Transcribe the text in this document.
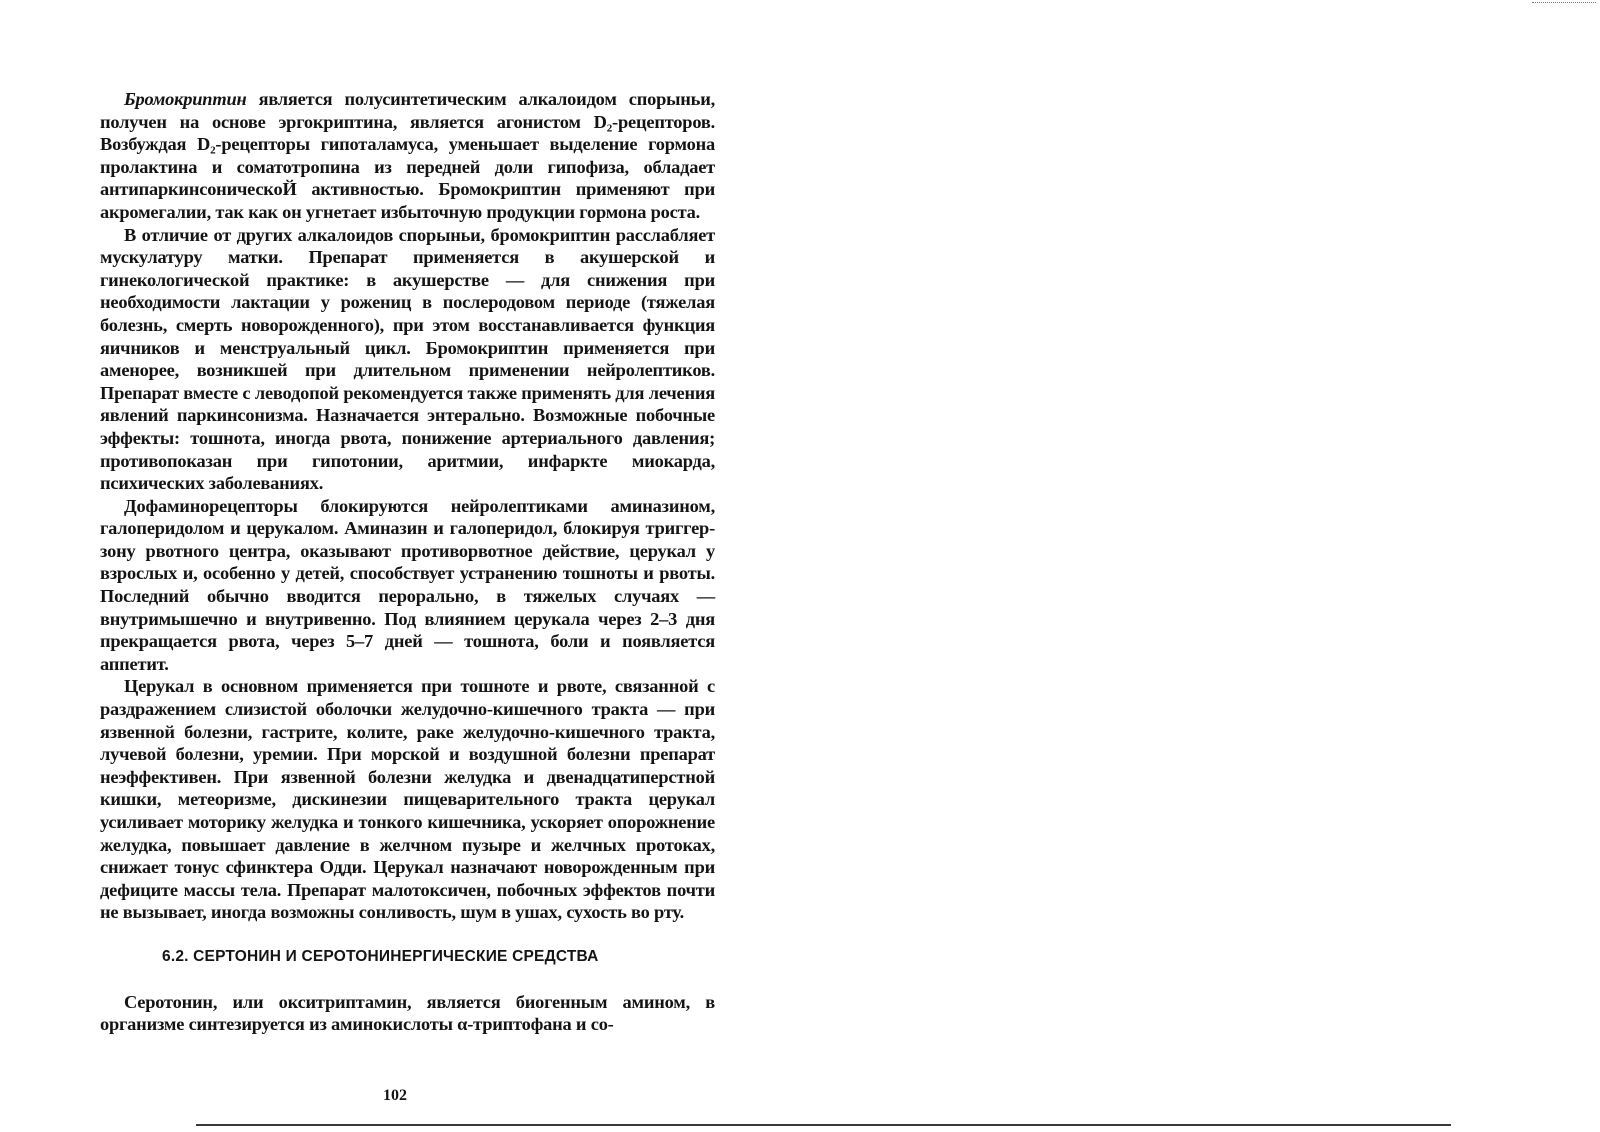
Бромокриптин является полусинтетическим алкалоидом спорыньи, получен на основе эргокриптина, является агонистом D₂-рецепторов. Возбуждая D₂-рецепторы гипоталамуса, уменьшает выделение гормона пролактина и соматотропина из передней доли гипофиза, обладает антипаркинсоническоЙ активностью. Бромокриптин применяют при акромегалии, так как он угнетает избыточную продукции гормона роста.

В отличие от других алкалоидов спорыньи, бромокриптин расслабляет мускулатуру матки. Препарат применяется в акушерской и гинекологической практике: в акушерстве — для снижения при необходимости лактации у рожениц в послеродовом периоде (тяжелая болезнь, смерть новорожденного), при этом восстанавливается функция яичников и менструальный цикл. Бромокриптин применяется при аменорее, возникшей при длительном применении нейролептиков. Препарат вместе с леводопой рекомендуется также применять для лечения явлений паркинсонизма. Назначается энтерально. Возможные побочные эффекты: тошнота, иногда рвота, понижение артериального давления; противопоказан при гипотонии, аритмии, инфаркте миокарда, психических заболеваниях.

Дофаминорецепторы блокируются нейролептиками аминазином, галоперидолом и церукалом. Аминазин и галоперидол, блокируя триггер-зону рвотного центра, оказывают противорвотное действие, церукал у взрослых и, особенно у детей, способствует устранению тошноты и рвоты. Последний обычно вводится перорально, в тяжелых случаях — внутримышечно и внутривенно. Под влиянием церукала через 2–3 дня прекращается рвота, через 5–7 дней — тошнота, боли и появляется аппетит.

Церукал в основном применяется при тошноте и рвоте, связанной с раздражением слизистой оболочки желудочно-кишечного тракта — при язвенной болезни, гастрите, колите, раке желудочно-кишечного тракта, лучевой болезни, уремии. При морской и воздушной болезни препарат неэффективен. При язвенной болезни желудка и двенадцатиперстной кишки, метеоризме, дискинезии пищеварительного тракта церукал усиливает моторику желудка и тонкого кишечника, ускоряет опорожнение желудка, повышает давление в желчном пузыре и желчных протоках, снижает тонус сфинктера Одди. Церукал назначают новорожденным при дефиците массы тела. Препарат малотоксичен, побочных эффектов почти не вызывает, иногда возможны сонливость, шум в ушах, сухость во рту.

6.2. СЕРТОНИН И СЕРОТОНИНЕРГИЧЕСКИЕ СРЕДСТВА

Серотонин, или окситриптамин, является биогенным амином, в организме синтезируется из аминокислоты α-триптофана и со-

102
